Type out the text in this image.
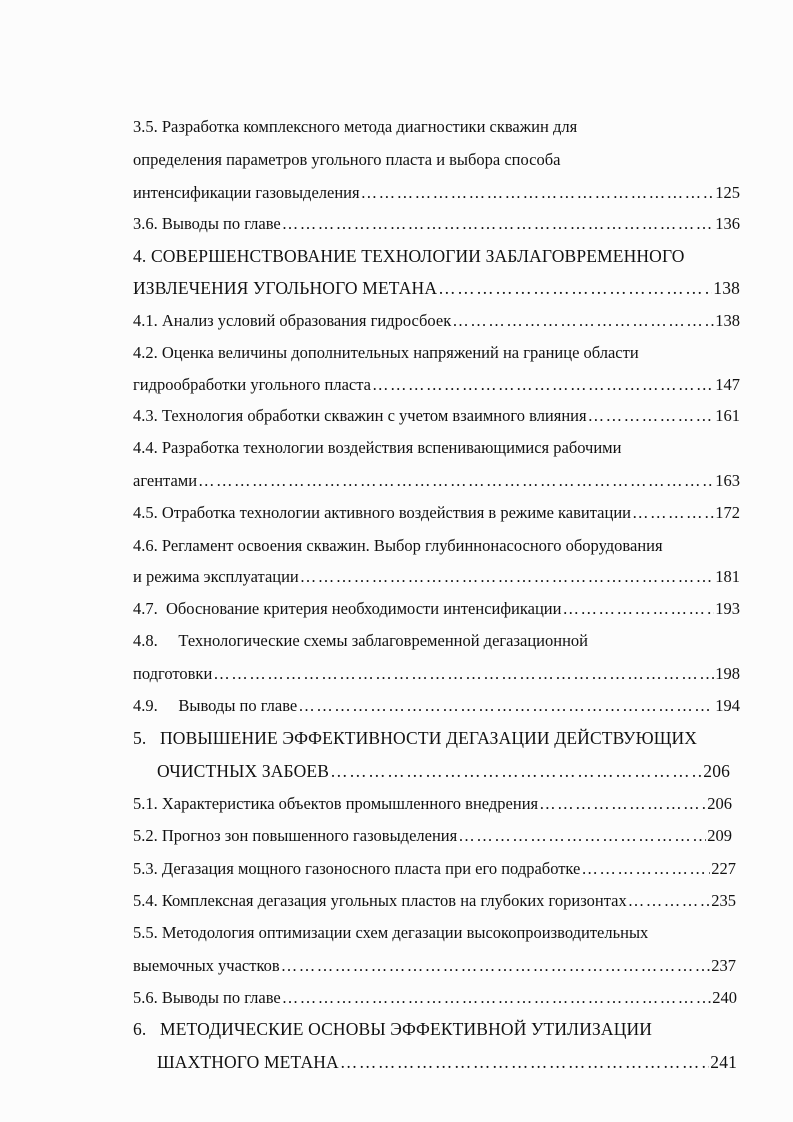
3.5. Разработка комплексного метода диагностики скважин для
определения параметров угольного пласта и выбора способа
интенсификации газовыделения ……………………………………………………………………………………………………………………………………………………………………	125
3.6. Выводы по главе ……………………………………………………………………………………………………………………………………………………………………	136
4. СОВЕРШЕНСТВОВАНИЕ ТЕХНОЛОГИИ ЗАБЛАГОВРЕМЕННОГО
ИЗВЛЕЧЕНИЯ УГОЛЬНОГО МЕТАНА ……………………………………………………………………………………………………………………………………………………………………	138
4.1. Анализ условий образования гидросбоек ……………………………………………………………………………………………………………………………………………………………………	138
4.2. Оценка величины дополнительных напряжений на границе области
гидрообработки угольного пласта ……………………………………………………………………………………………………………………………………………………………………	147
4.3. Технология обработки скважин с учетом взаимного влияния ……………………………………………………………………………………………………………………………………………………………………	161
4.4. Разработка технологии воздействия вспенивающимися рабочими
агентами ……………………………………………………………………………………………………………………………………………………………………	163
4.5. Отработка технологии активного воздействия в режиме кавитации ……………………………………………………………………………………………………………………………………………………………………	172
4.6. Регламент освоения скважин. Выбор глубиннонасосного оборудования
и режима эксплуатации ……………………………………………………………………………………………………………………………………………………………………	181
4.7.  Обоснование критерия необходимости интенсификации ……………………………………………………………………………………………………………………………………………………………………	193
4.8.     Технологические схемы заблаговременной дегазационной
подготовки ……………………………………………………………………………………………………………………………………………………………………	198
4.9.     Выводы по главе ……………………………………………………………………………………………………………………………………………………………………	194
5.   ПОВЫШЕНИЕ ЭФФЕКТИВНОСТИ ДЕГАЗАЦИИ ДЕЙСТВУЮЩИХ
ОЧИСТНЫХ ЗАБОЕВ ……………………………………………………………………………………………………………………………………………………………………	206
5.1. Характеристика объектов промышленного внедрения ……………………………………………………………………………………………………………………………………………………………………	206
5.2. Прогноз зон повышенного газовыделения ……………………………………………………………………………………………………………………………………………………………………	209
5.3. Дегазация мощного газоносного пласта при его подработке ……………………………………………………………………………………………………………………………………………………………………	227
5.4. Комплексная дегазация угольных пластов на глубоких горизонтах ……………………………………………………………………………………………………………………………………………………………………	235
5.5. Методология оптимизации схем дегазации высокопроизводительных
выемочных участков ……………………………………………………………………………………………………………………………………………………………………	237
5.6. Выводы по главе ……………………………………………………………………………………………………………………………………………………………………	240
6.   МЕТОДИЧЕСКИЕ ОСНОВЫ ЭФФЕКТИВНОЙ УТИЛИЗАЦИИ
ШАХТНОГО МЕТАНА ……………………………………………………………………………………………………………………………………………………………………	241
